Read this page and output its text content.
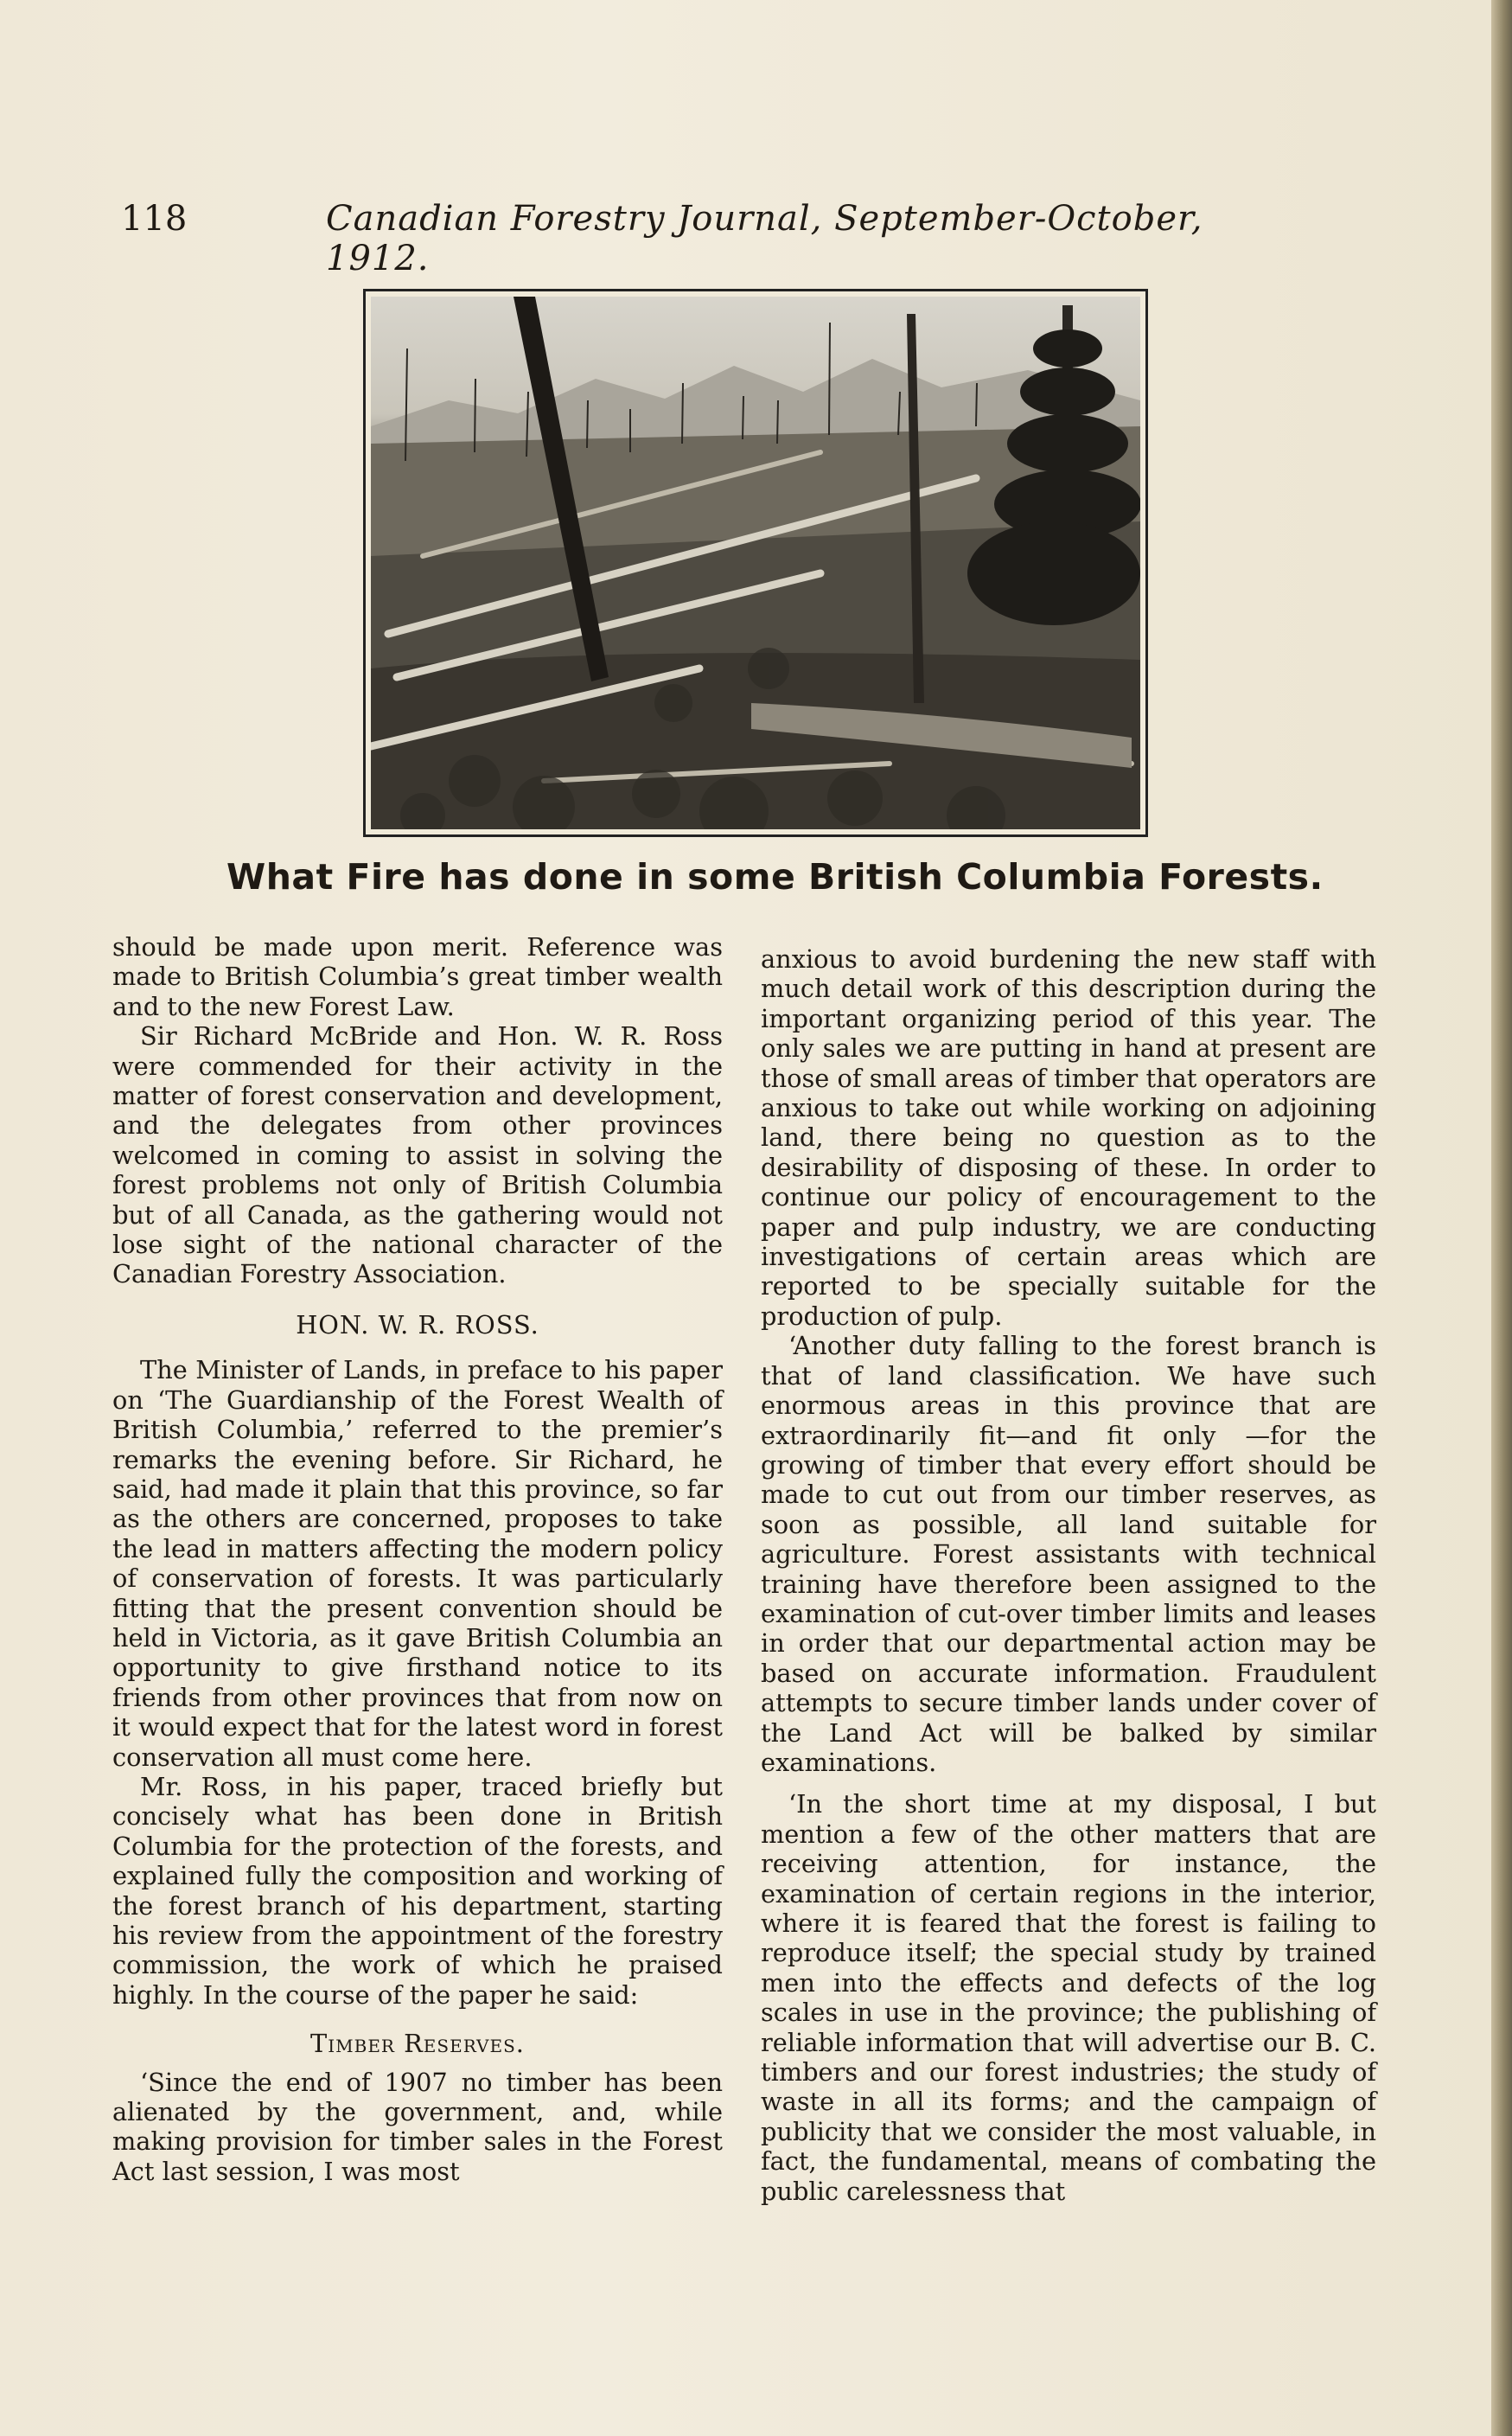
118	Canadian Forestry Journal, September-October, 1912.
What Fire has done in some British Columbia Forests.

should be made upon merit. Reference was made to British Columbia’s great timber wealth and to the new Forest Law.

Sir Richard McBride and Hon. W. R. Ross were commended for their activity in the matter of forest conservation and development, and the delegates from other provinces welcomed in coming to assist in solving the forest problems not only of British Columbia but of all Canada, as the gathering would not lose sight of the national character of the Canadian Forestry Association.

HON. W. R. ROSS.

The Minister of Lands, in preface to his paper on ‘The Guardianship of the Forest Wealth of British Columbia,’ referred to the premier’s remarks the evening before. Sir Richard, he said, had made it plain that this province, so far as the others are concerned, proposes to take the lead in matters affecting the modern policy of conservation of forests. It was particularly fitting that the present convention should be held in Victoria, as it gave British Columbia an opportunity to give firsthand notice to its friends from other provinces that from now on it would expect that for the latest word in forest conservation all must come here.

Mr. Ross, in his paper, traced briefly but concisely what has been done in British Columbia for the protection of the forests, and explained fully the composition and working of the forest branch of his department, starting his review from the appointment of the forestry commission, the work of which he praised highly. In the course of the paper he said:

Timber Reserves.

‘Since the end of 1907 no timber has been alienated by the government, and, while making provision for timber sales in the Forest Act last session, I was most

anxious to avoid burdening the new staff with much detail work of this description during the important organizing period of this year. The only sales we are putting in hand at present are those of small areas of timber that operators are anxious to take out while working on adjoining land, there being no question as to the desirability of disposing of these. In order to continue our policy of encouragement to the paper and pulp industry, we are conducting investigations of certain areas which are reported to be specially suitable for the production of pulp.

‘Another duty falling to the forest branch is that of land classification. We have such enormous areas in this province that are extraordinarily fit—and fit only —for the growing of timber that every effort should be made to cut out from our timber reserves, as soon as possible, all land suitable for agriculture. Forest assistants with technical training have therefore been assigned to the examination of cut-over timber limits and leases in order that our departmental action may be based on accurate information. Fraudulent attempts to secure timber lands under cover of the Land Act will be balked by similar examinations.

‘In the short time at my disposal, I but mention a few of the other matters that are receiving attention, for instance, the examination of certain regions in the interior, where it is feared that the forest is failing to reproduce itself; the special study by trained men into the effects and defects of the log scales in use in the province; the publishing of reliable information that will advertise our B. C. timbers and our forest industries; the study of waste in all its forms; and the campaign of publicity that we consider the most valuable, in fact, the fundamental, means of combating the public carelessness that
